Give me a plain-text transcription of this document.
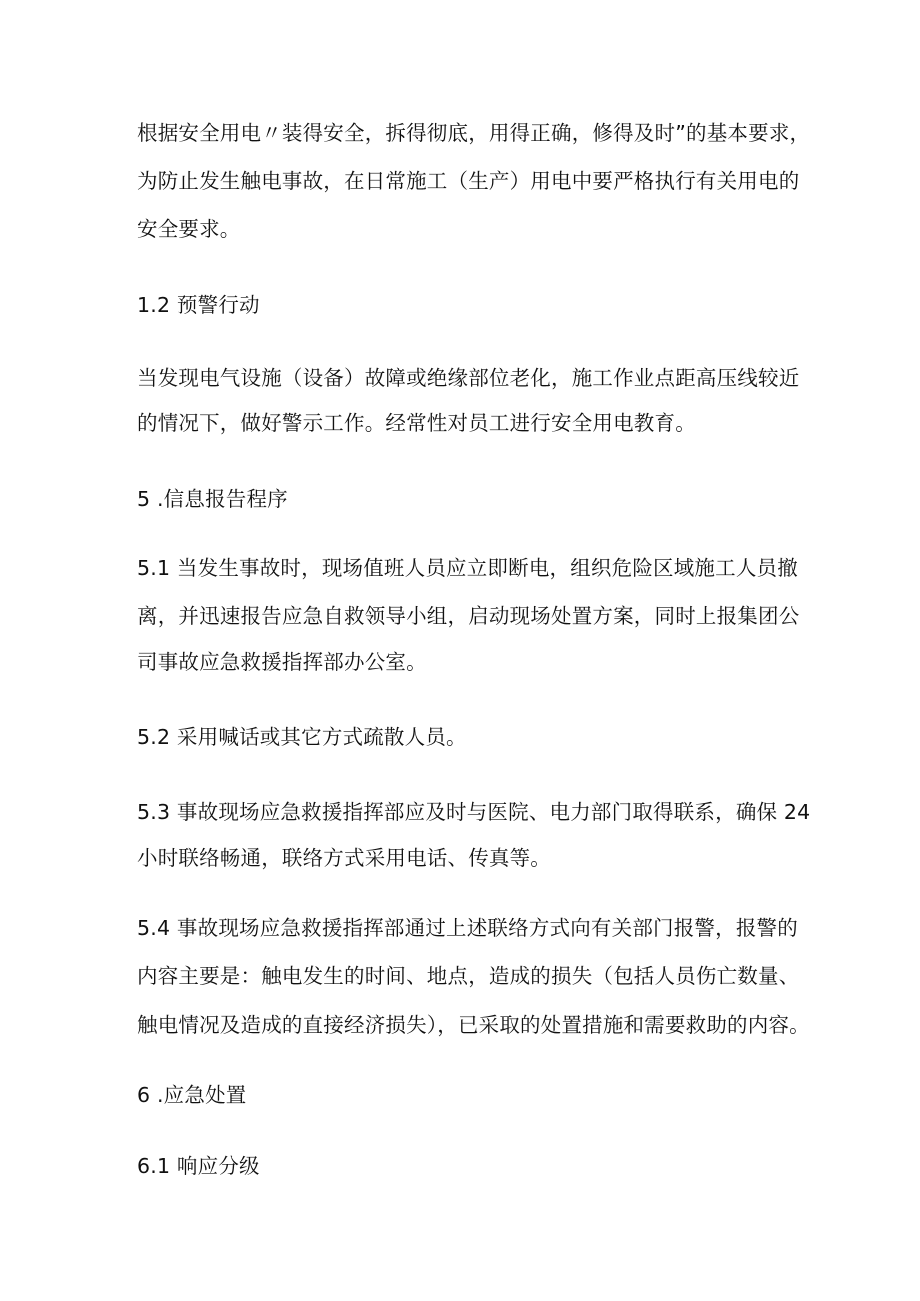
根据安全用电〃装得安全，拆得彻底，用得正确，修得及时”的基本要求，

为防止发生触电事故，在日常施工（生产）用电中要严格执行有关用电的

安全要求。

1.2 预警行动

当发现电气设施（设备）故障或绝缘部位老化，施工作业点距高压线较近

的情况下，做好警示工作。经常性对员工进行安全用电教育。

5 .信息报告程序

5.1 当发生事故时，现场值班人员应立即断电，组织危险区域施工人员撤

离，并迅速报告应急自救领导小组，启动现场处置方案，同时上报集团公

司事故应急救援指挥部办公室。

5.2 采用喊话或其它方式疏散人员。

5.3 事故现场应急救援指挥部应及时与医院、电力部门取得联系，确保 24

小时联络畅通，联络方式采用电话、传真等。

5.4 事故现场应急救援指挥部通过上述联络方式向有关部门报警，报警的

内容主要是：触电发生的时间、地点，造成的损失（包括人员伤亡数量、

触电情况及造成的直接经济损失），已采取的处置措施和需要救助的内容。

6 .应急处置

6.1 响应分级
